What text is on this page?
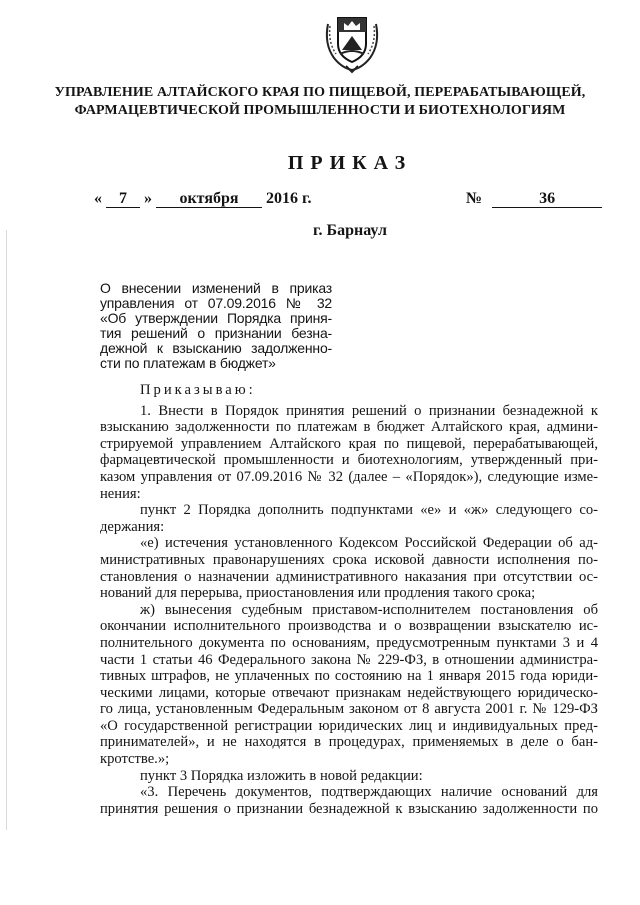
УПРАВЛЕНИЕ АЛТАЙСКОГО КРАЯ ПО ПИЩЕВОЙ, ПЕРЕРАБАТЫВАЮЩЕЙ,
ФАРМАЦЕВТИЧЕСКОЙ ПРОМЫШЛЕННОСТИ И БИОТЕХНОЛОГИЯМ
ПРИКАЗ
« 7 » октября 2016 г.	№	36
г. Барнаул
О внесении изменений в приказ
управления от 07.09.2016 № 32
«Об утверждении Порядка приня-
тия решений о признании безна-
дежной к взысканию задолженно-
сти по платежам в бюджет»
Приказываю:
1. Внести в Порядок принятия решений о признании безнадежной к
взысканию задолженности по платежам в бюджет Алтайского края, админи-
стрируемой управлением Алтайского края по пищевой, перерабатывающей,
фармацевтической промышленности и биотехнологиям, утвержденный при-
казом управления от 07.09.2016 № 32 (далее – «Порядок»), следующие изме-
нения:
пункт 2 Порядка дополнить подпунктами «е» и «ж» следующего со-
держания:
«е) истечения установленного Кодексом Российской Федерации об ад-
министративных правонарушениях срока исковой давности исполнения по-
становления о назначении административного наказания при отсутствии ос-
нований для перерыва, приостановления или продления такого срока;
ж) вынесения судебным приставом-исполнителем постановления об
окончании исполнительного производства и о возвращении взыскателю ис-
полнительного документа по основаниям, предусмотренным пунктами 3 и 4
части 1 статьи 46 Федерального закона № 229-ФЗ, в отношении администра-
тивных штрафов, не уплаченных по состоянию на 1 января 2015 года юриди-
ческими лицами, которые отвечают признакам недействующего юридическо-
го лица, установленным Федеральным законом от 8 августа 2001 г. № 129-ФЗ
«О государственной регистрации юридических лиц и индивидуальных пред-
принимателей», и не находятся в процедурах, применяемых в деле о бан-
кротстве.»;
пункт 3 Порядка изложить в новой редакции:
«3. Перечень документов, подтверждающих наличие оснований для
принятия решения о признании безнадежной к взысканию задолженности по
